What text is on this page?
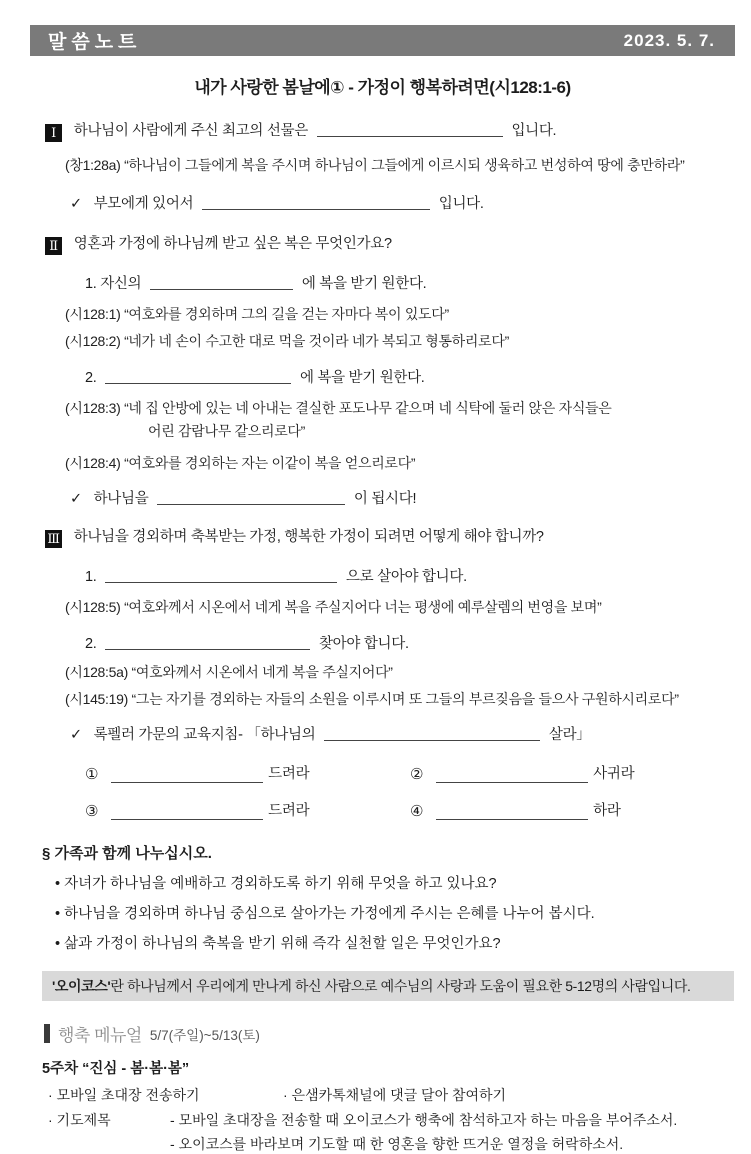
말씀노트	2023. 5. 7.
내가 사랑한 봄날에① - 가정이 행복하려면(시128:1-6)
Ⅰ 하나님이 사람에게 주신 최고의 선물은	입니다.
(창1:28a) “하나님이 그들에게 복을 주시며 하나님이 그들에게 이르시되 생육하고 번성하여 땅에 충만하라”
✓ 부모에게 있어서	입니다.
Ⅱ 영혼과 가정에 하나님께 받고 싶은 복은 무엇인가요?
1. 자신의	에 복을 받기 원한다.
(시128:1) “여호와를 경외하며 그의 길을 걷는 자마다 복이 있도다”
(시128:2) “네가 네 손이 수고한 대로 먹을 것이라 네가 복되고 형통하리로다”
2.	에 복을 받기 원한다.
(시128:3) “네 집 안방에 있는 네 아내는 결실한 포도나무 같으며 네 식탁에 둘러 앉은 자식들은
어린 감람나무 같으리로다”
(시128:4) “여호와를 경외하는 자는 이같이 복을 얻으리로다”
✓ 하나님을	이 됩시다!
Ⅲ 하나님을 경외하며 축복받는 가정, 행복한 가정이 되려면 어떻게 해야 합니까?
1.	으로 살아야 합니다.
(시128:5) “여호와께서 시온에서 네게 복을 주실지어다 너는 평생에 예루살렘의 번영을 보며”
2.	찾아야 합니다.
(시128:5a) “여호와께서 시온에서 네게 복을 주실지어다”
(시145:19) “그는 자기를 경외하는 자들의 소원을 이루시며 또 그들의 부르짖음을 들으사 구원하시리로다”
✓ 록펠러 가문의 교육지침- 「하나님의	살라」
①	드려라	②	사귀라
③	드려라	④	하라
§ 가족과 함께 나누십시오.
• 자녀가 하나님을 예배하고 경외하도록 하기 위해 무엇을 하고 있나요?
• 하나님을 경외하며 하나님 중심으로 살아가는 가정에게 주시는 은혜를 나누어 봅시다.
• 삶과 가정이 하나님의 축복을 받기 위해 즉각 실천할 일은 무엇인가요?
'오이코스'란 하나님께서 우리에게 만나게 하신 사람으로 예수님의 사랑과 도움이 필요한 5-12명의 사람입니다.
행축 메뉴얼 5/7(주일)~5/13(토)
5주차 “진심 - 봄·봄·봄”
· 모바일 초대장 전송하기	· 은샘카톡채널에 댓글 달아 참여하기
· 기도제목	- 모바일 초대장을 전송할 때 오이코스가 행축에 참석하고자 하는 마음을 부어주소서.
- 오이코스를 바라보며 기도할 때 한 영혼을 향한 뜨거운 열정을 허락하소서.
